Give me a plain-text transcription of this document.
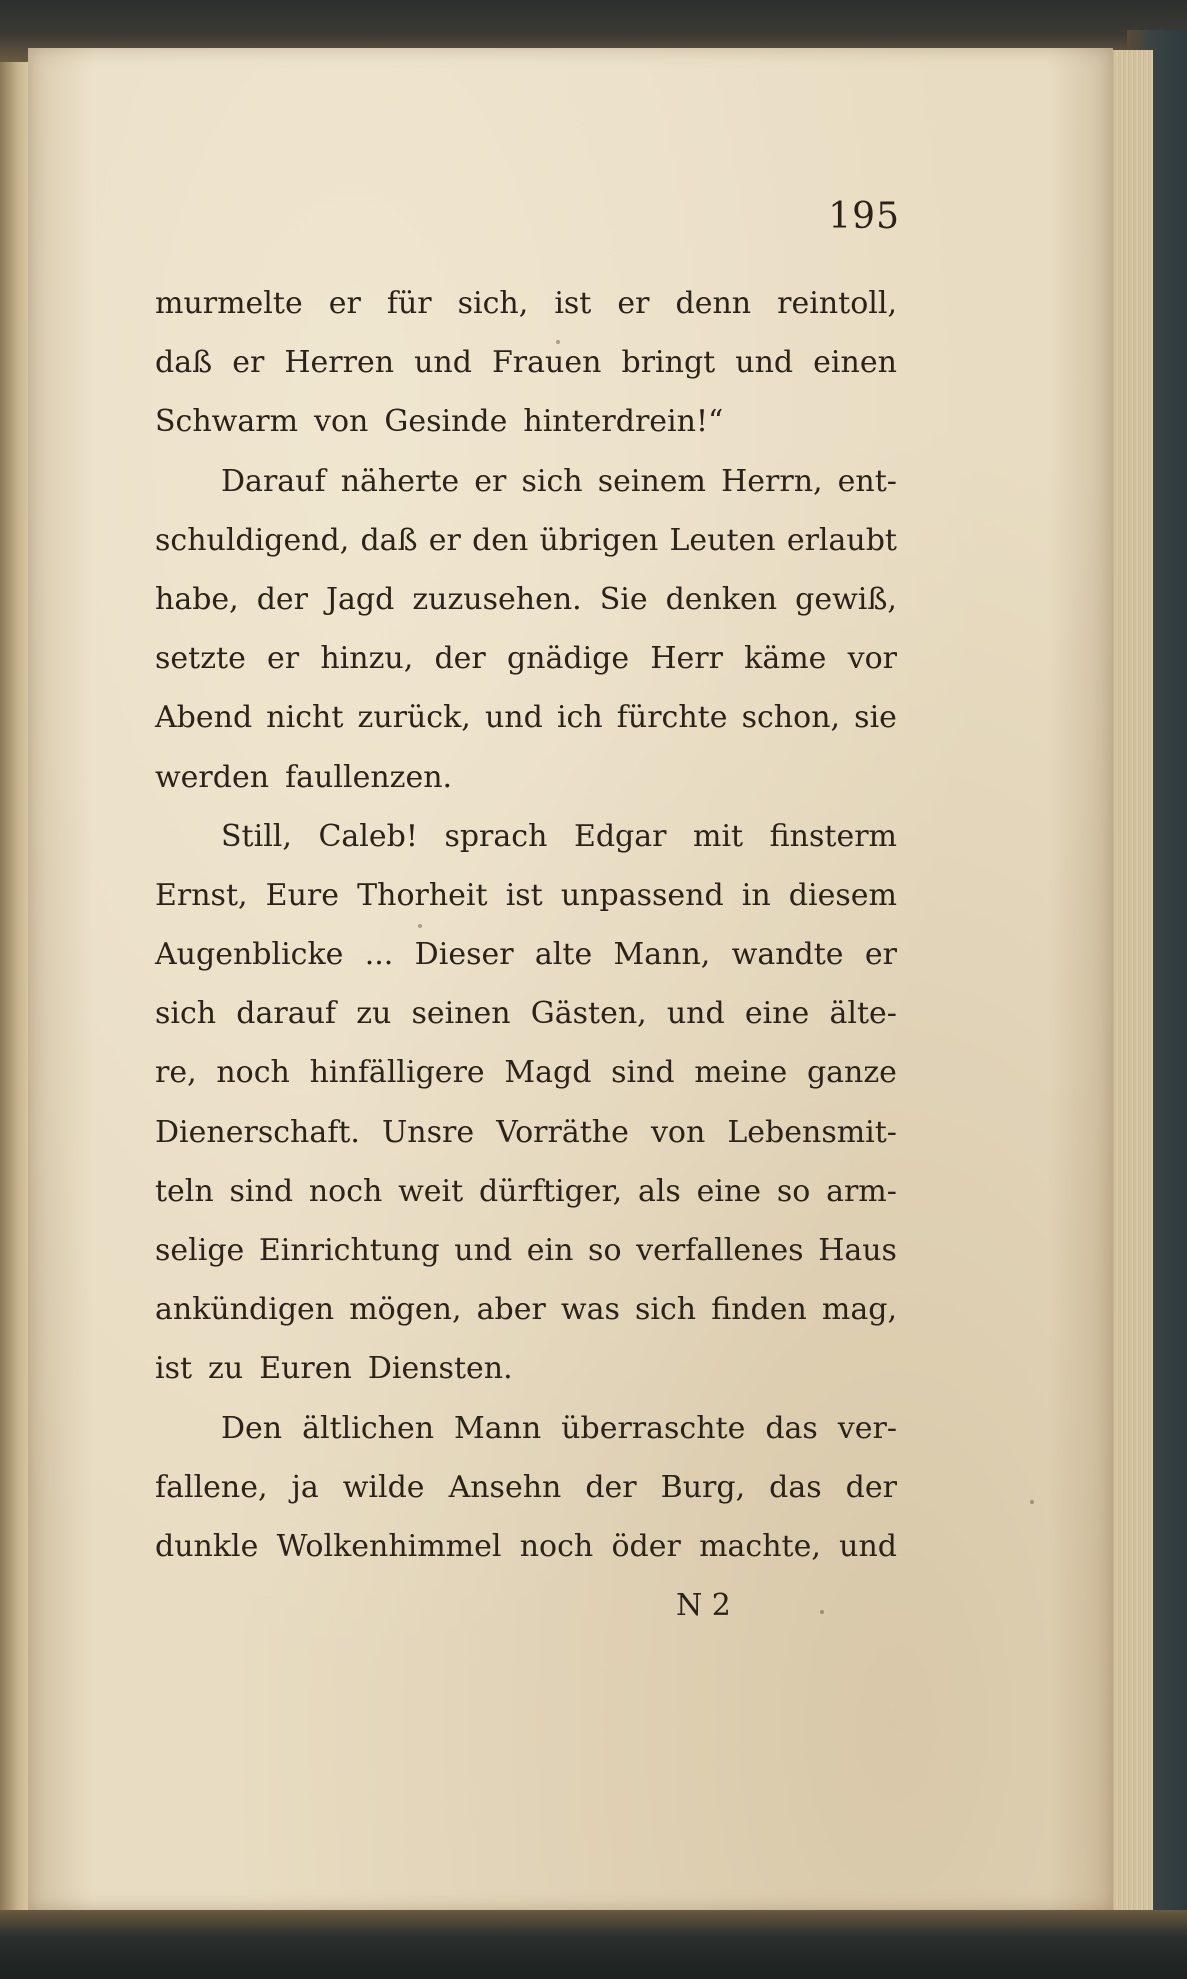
195
murmelte er für sich, ist er denn reintoll,
daß er Herren und Frauen bringt und einen
Schwarm von Gesinde hinterdrein!“
Darauf näherte er sich seinem Herrn, ent-
schuldigend, daß er den übrigen Leuten erlaubt
habe, der Jagd zuzusehen. Sie denken gewiß,
setzte er hinzu, der gnädige Herr käme vor
Abend nicht zurück, und ich fürchte schon, sie
werden faullenzen.
Still, Caleb! sprach Edgar mit finsterm
Ernst, Eure Thorheit ist unpassend in diesem
Augenblicke ... Dieser alte Mann, wandte er
sich darauf zu seinen Gästen, und eine älte-
re, noch hinfälligere Magd sind meine ganze
Dienerschaft. Unsre Vorräthe von Lebensmit-
teln sind noch weit dürftiger, als eine so arm-
selige Einrichtung und ein so verfallenes Haus
ankündigen mögen, aber was sich finden mag,
ist zu Euren Diensten.
Den ältlichen Mann überraschte das ver-
fallene, ja wilde Ansehn der Burg, das der
dunkle Wolkenhimmel noch öder machte, und
N 2
